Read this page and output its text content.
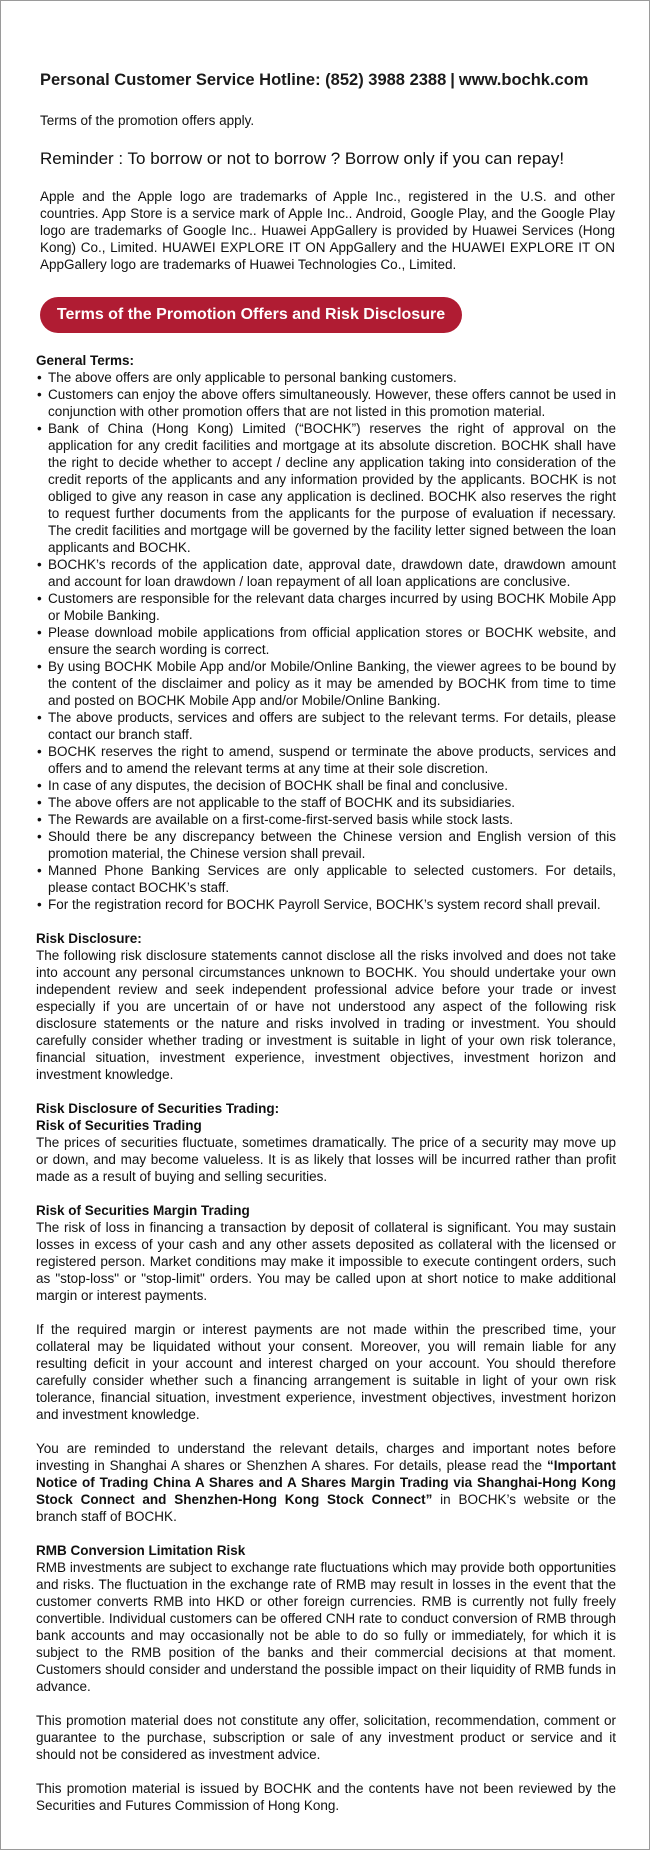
Personal Customer Service Hotline: (852) 3988 2388 | www.bochk.com
Terms of the promotion offers apply.
Reminder : To borrow or not to borrow ? Borrow only if you can repay!
Apple and the Apple logo are trademarks of Apple Inc., registered in the U.S. and other countries. App Store is a service mark of Apple Inc.. Android, Google Play, and the Google Play logo are trademarks of Google Inc.. Huawei AppGallery is provided by Huawei Services (Hong Kong) Co., Limited. HUAWEI EXPLORE IT ON AppGallery and the HUAWEI EXPLORE IT ON AppGallery logo are trademarks of Huawei Technologies Co., Limited.
Terms of the Promotion Offers and Risk Disclosure
General Terms:
• The above offers are only applicable to personal banking customers.
• Customers can enjoy the above offers simultaneously. However, these offers cannot be used in conjunction with other promotion offers that are not listed in this promotion material.
• Bank of China (Hong Kong) Limited (“BOCHK”) reserves the right of approval on the application for any credit facilities and mortgage at its absolute discretion. BOCHK shall have the right to decide whether to accept / decline any application taking into consideration of the credit reports of the applicants and any information provided by the applicants. BOCHK is not obliged to give any reason in case any application is declined. BOCHK also reserves the right to request further documents from the applicants for the purpose of evaluation if necessary. The credit facilities and mortgage will be governed by the facility letter signed between the loan applicants and BOCHK.
• BOCHK’s records of the application date, approval date, drawdown date, drawdown amount and account for loan drawdown / loan repayment of all loan applications are conclusive.
• Customers are responsible for the relevant data charges incurred by using BOCHK Mobile App or Mobile Banking.
• Please download mobile applications from official application stores or BOCHK website, and ensure the search wording is correct.
• By using BOCHK Mobile App and/or Mobile/Online Banking, the viewer agrees to be bound by the content of the disclaimer and policy as it may be amended by BOCHK from time to time and posted on BOCHK Mobile App and/or Mobile/Online Banking.
• The above products, services and offers are subject to the relevant terms. For details, please contact our branch staff.
• BOCHK reserves the right to amend, suspend or terminate the above products, services and offers and to amend the relevant terms at any time at their sole discretion.
• In case of any disputes, the decision of BOCHK shall be final and conclusive.
• The above offers are not applicable to the staff of BOCHK and its subsidiaries.
• The Rewards are available on a first-come-first-served basis while stock lasts.
• Should there be any discrepancy between the Chinese version and English version of this promotion material, the Chinese version shall prevail.
• Manned Phone Banking Services are only applicable to selected customers. For details, please contact BOCHK’s staff.
• For the registration record for BOCHK Payroll Service, BOCHK’s system record shall prevail.
Risk Disclosure:

The following risk disclosure statements cannot disclose all the risks involved and does not take into account any personal circumstances unknown to BOCHK. You should undertake your own independent review and seek independent professional advice before your trade or invest especially if you are uncertain of or have not understood any aspect of the following risk disclosure statements or the nature and risks involved in trading or investment. You should carefully consider whether trading or investment is suitable in light of your own risk tolerance, financial situation, investment experience, investment objectives, investment horizon and investment knowledge.

Risk Disclosure of Securities Trading:
Risk of Securities Trading

The prices of securities fluctuate, sometimes dramatically. The price of a security may move up or down, and may become valueless. It is as likely that losses will be incurred rather than profit made as a result of buying and selling securities.

Risk of Securities Margin Trading

The risk of loss in financing a transaction by deposit of collateral is significant. You may sustain losses in excess of your cash and any other assets deposited as collateral with the licensed or registered person. Market conditions may make it impossible to execute contingent orders, such as "stop-loss" or "stop-limit" orders. You may be called upon at short notice to make additional margin or interest payments.

If the required margin or interest payments are not made within the prescribed time, your collateral may be liquidated without your consent. Moreover, you will remain liable for any resulting deficit in your account and interest charged on your account. You should therefore carefully consider whether such a financing arrangement is suitable in light of your own risk tolerance, financial situation, investment experience, investment objectives, investment horizon and investment knowledge.

You are reminded to understand the relevant details, charges and important notes before investing in Shanghai A shares or Shenzhen A shares. For details, please read the “Important Notice of Trading China A Shares and A Shares Margin Trading via Shanghai-Hong Kong Stock Connect and Shenzhen-Hong Kong Stock Connect” in BOCHK’s website or the branch staff of BOCHK.

RMB Conversion Limitation Risk

RMB investments are subject to exchange rate fluctuations which may provide both opportunities and risks. The fluctuation in the exchange rate of RMB may result in losses in the event that the customer converts RMB into HKD or other foreign currencies. RMB is currently not fully freely convertible. Individual customers can be offered CNH rate to conduct conversion of RMB through bank accounts and may occasionally not be able to do so fully or immediately, for which it is subject to the RMB position of the banks and their commercial decisions at that moment. Customers should consider and understand the possible impact on their liquidity of RMB funds in advance.

This promotion material does not constitute any offer, solicitation, recommendation, comment or guarantee to the purchase, subscription or sale of any investment product or service and it should not be considered as investment advice.

This promotion material is issued by BOCHK and the contents have not been reviewed by the Securities and Futures Commission of Hong Kong.
